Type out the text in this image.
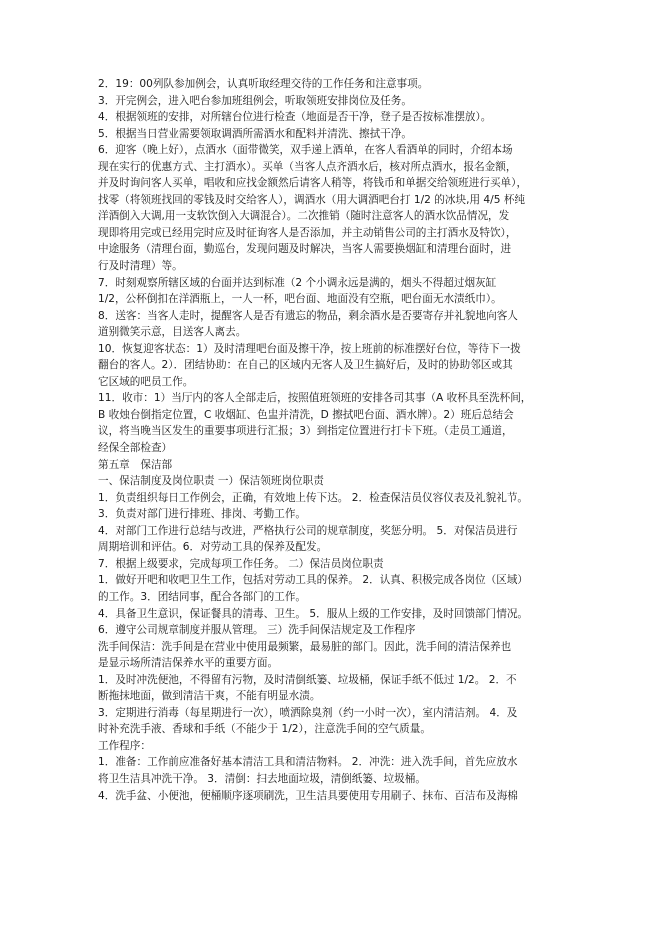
2．19：00列队参加例会，认真听取经理交待的工作任务和注意事项。
3．开完例会，进入吧台参加班组例会，听取领班安排岗位及任务。
4．根据领班的安排，对所辖台位进行检查（地面是否干净，登子是否按标准摆放）。
5．根据当日营业需要领取调酒所需酒水和配料并清洗、擦拭干净。
6．迎客（晚上好），点酒水（面带微笑，双手递上酒单，在客人看酒单的同时，介绍本场
现在实行的优惠方式、主打酒水）。买单（当客人点齐酒水后，核对所点酒水，报名金额，
并及时询问客人买单，唱收和应找金额然后请客人稍等，将钱币和单据交给领班进行买单），
找零（将领班找回的零钱及时交给客人），调酒水（用大调酒吧台打 1/2 的冰块,用 4/5 杯纯
洋酒倒入大调,用一支软饮倒入大调混合）。二次推销（随时注意客人的酒水饮品情况，发
现即将用完或已经用完时应及时征询客人是否添加，并主动销售公司的主打酒水及特饮），
中途服务（清理台面，勤巡台，发现问题及时解决，当客人需要换烟缸和清理台面时，进
行及时清理）等。
7．时刻观察所辖区域的台面并达到标准（2 个小调永远是满的，烟头不得超过烟灰缸
1/2，公杯倒扣在洋酒瓶上，一人一杯，吧台面、地面没有空瓶，吧台面无水渍纸巾）。
8．送客：当客人走时，提醒客人是否有遗忘的物品，剩余酒水是否要寄存并礼貌地向客人
道别微笑示意，目送客人离去。
10．恢复迎客状态：1）及时清理吧台面及擦干净，按上班前的标准摆好台位，等待下一拨
翻台的客人。2）．团结协助：在自己的区域内无客人及卫生搞好后，及时的协助邻区或其
它区域的吧员工作。
11．收市：1）当厅内的客人全部走后，按照值班领班的安排各司其事（A 收杯具至洗杯间，
B 收烛台倒指定位置，C 收烟缸、色盅并清洗，D 擦拭吧台面、酒水牌）。2）班后总结会
议，将当晚当区发生的重要事项进行汇报；3）到指定位置进行打卡下班。（走员工通道，
经保全部检查）
第五章　保洁部
一、保洁制度及岗位职责 一）保洁领班岗位职责
1．负责组织每日工作例会，正确，有效地上传下达。 2．检查保洁员仪容仪表及礼貌礼节。
3．负责对部门进行排班、排岗、考勤工作。
4．对部门工作进行总结与改进，严格执行公司的规章制度，奖惩分明。 5．对保洁员进行
周期培训和评估。6．对劳动工具的保养及配发。
7．根据上级要求，完成每项工作任务。 二）保洁员岗位职责
1．做好开吧和收吧卫生工作，包括对劳动工具的保养。 2．认真、积极完成各岗位（区域）
的工作。3．团结同事，配合各部门的工作。
4．具备卫生意识，保证餐具的清毒、卫生。 5．服从上级的工作安排，及时回馈部门情况。
6．遵守公司规章制度并服从管理。 三）洗手间保洁规定及工作程序
洗手间保洁：洗手间是在营业中使用最频繁，最易脏的部门。因此，洗手间的清洁保养也
是显示场所清洁保养水平的重要方面。
1．及时冲洗便池，不得留有污物，及时清倒纸篓、垃圾桶，保证手纸不低过 1/2。 2．不
断拖抹地面，做到清洁干爽，不能有明显水渍。
3．定期进行消毒（每星期进行一次），喷洒除臭剂（约一小时一次），室内清洁剂。 4．及
时补充洗手液、香球和手纸（不能少于 1/2），注意洗手间的空气质量。
工作程序：
1．准备：工作前应准备好基本清洁工具和清洁物料。 2．冲洗：进入洗手间，首先应放水
将卫生洁具冲洗干净。 3．清倒：扫去地面垃圾，清倒纸篓、垃圾桶。
4．洗手盆、小便池，便桶顺序逐项刷洗，卫生洁具要使用专用刷子、抹布、百洁布及海棉
